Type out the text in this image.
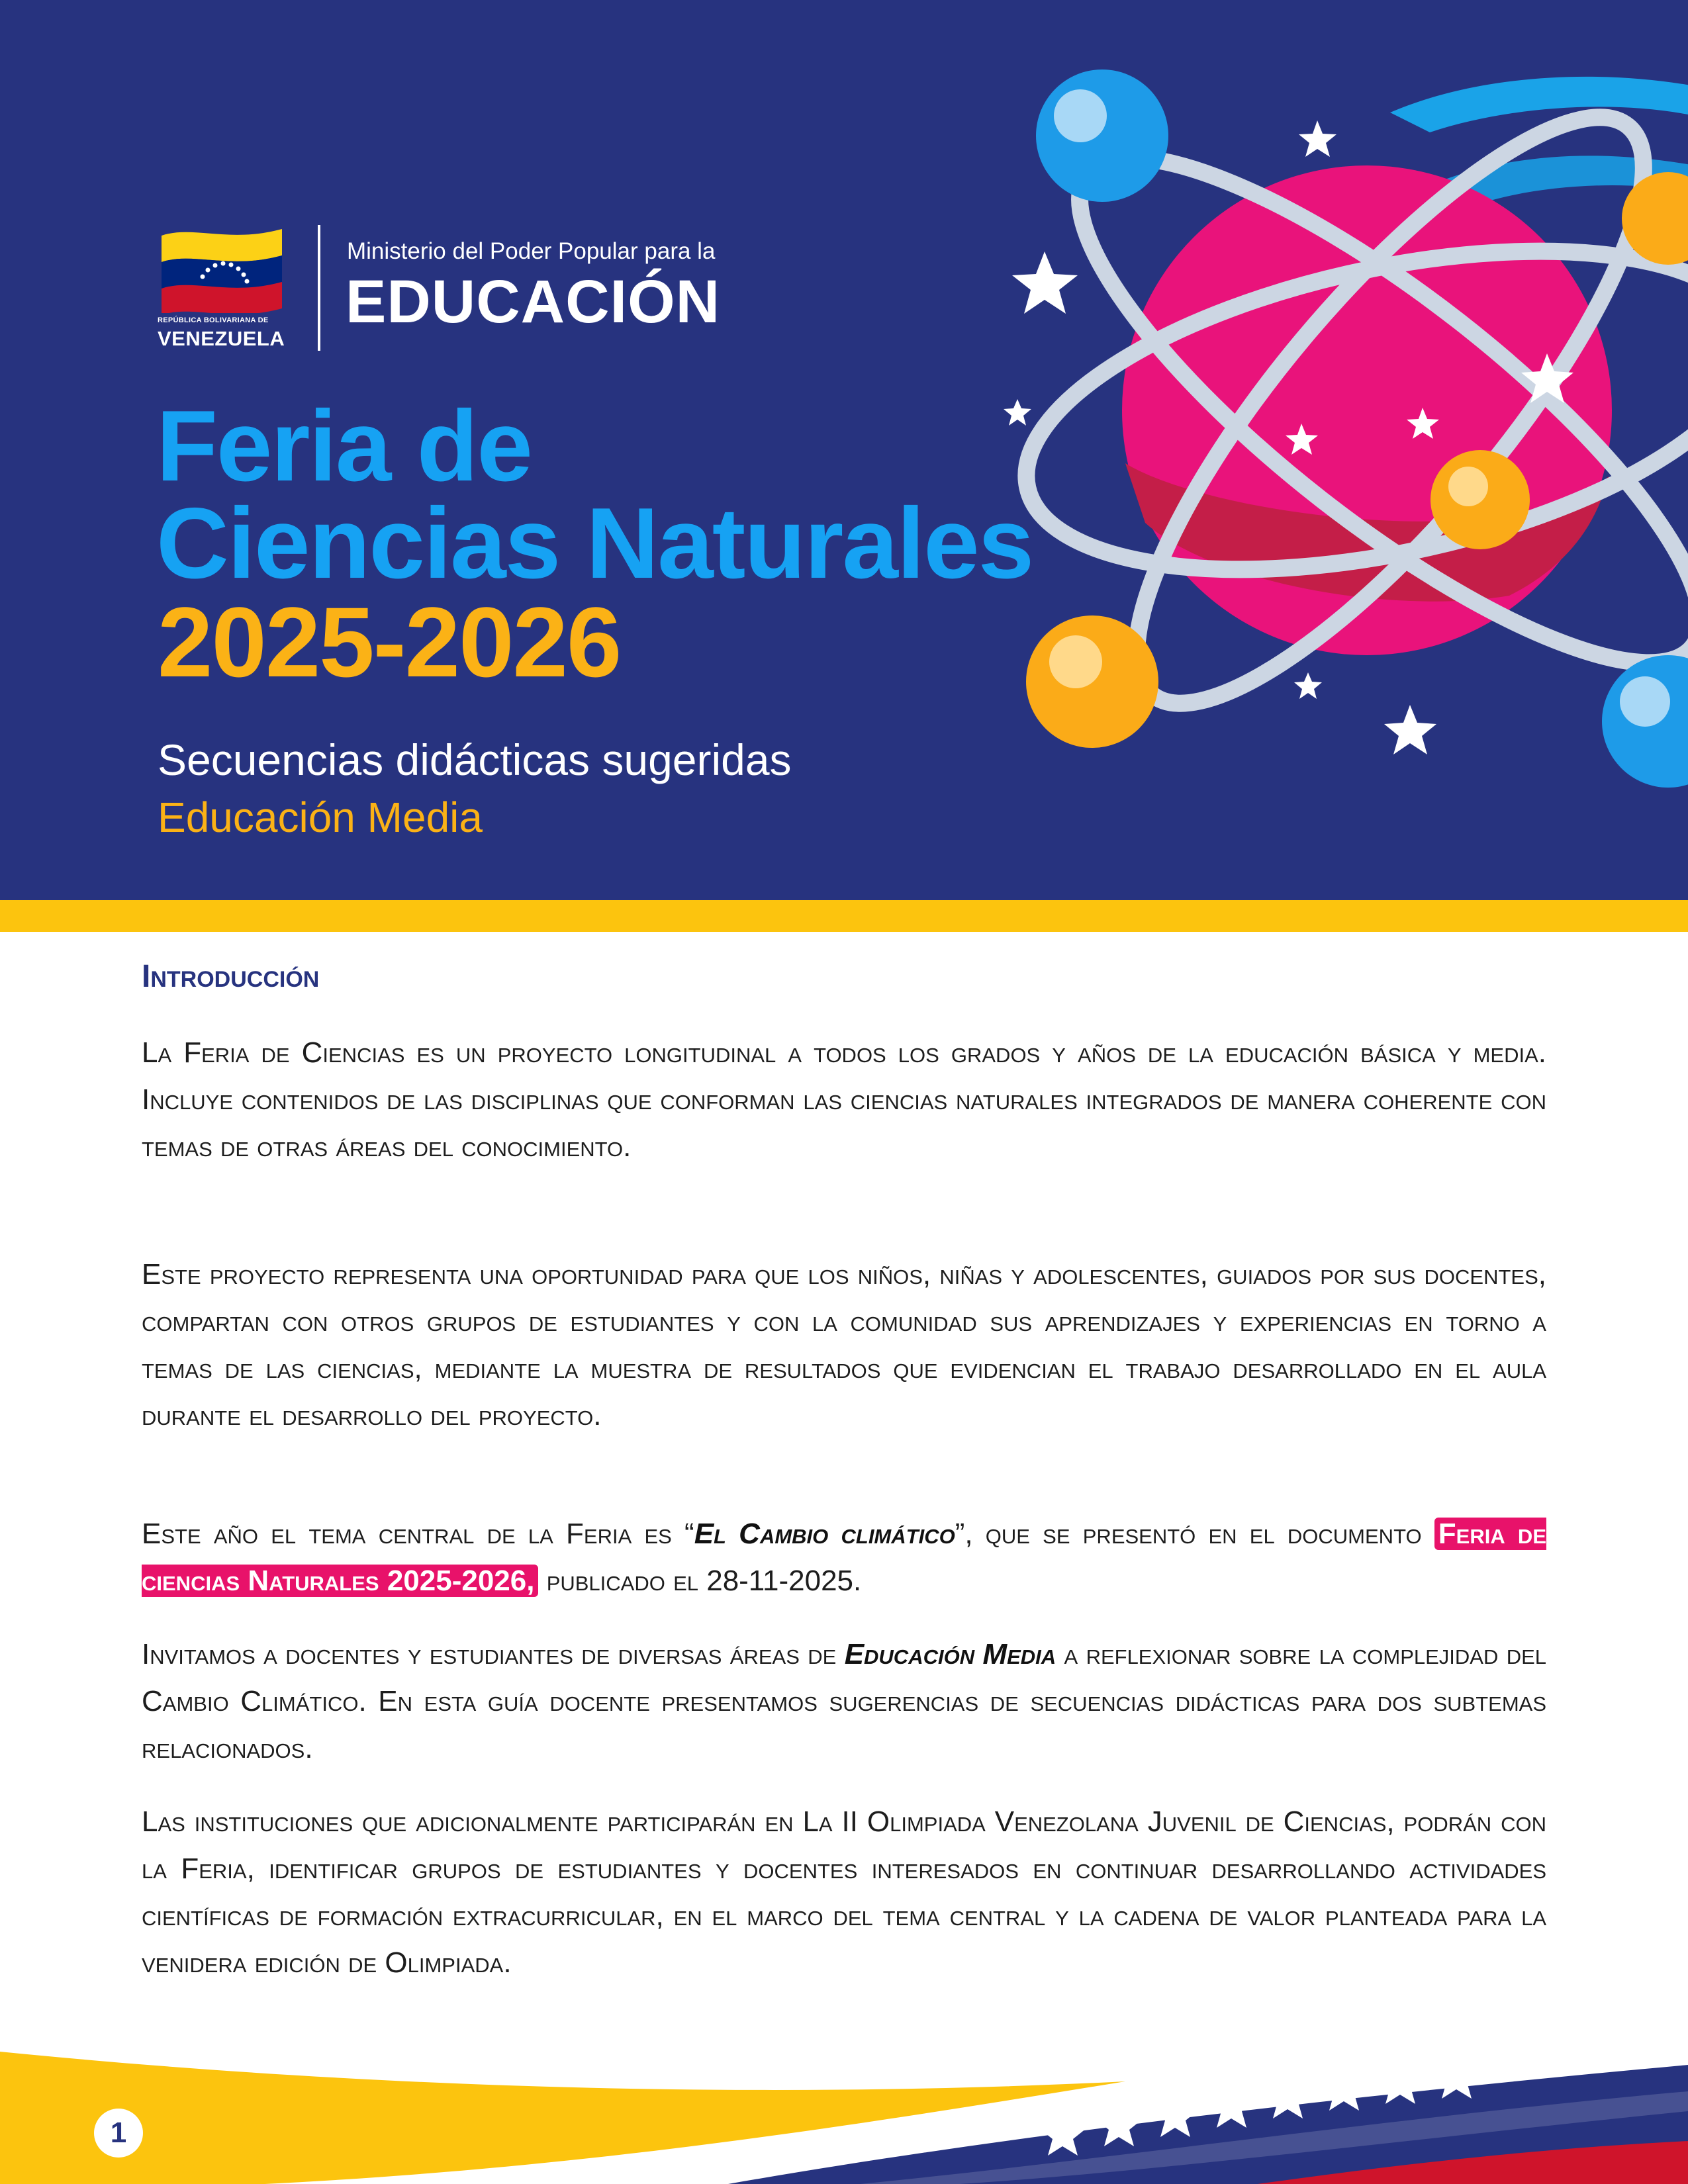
REPÚBLICA BOLIVARIANA DE
VENEZUELA
Ministerio del Poder Popular para la
EDUCACIÓN
Feria de
Ciencias Naturales
2025-2026
Secuencias didácticas sugeridas
Educación Media
Introducción

La Feria de Ciencias es un proyecto longitudinal a todos los grados y años de la educación básica y media. Incluye contenidos de las disciplinas que conforman las ciencias naturales integrados de manera coherente con temas de otras áreas del conocimiento.

Este proyecto representa una oportunidad para que los niños, niñas y adolescentes, guiados por sus docentes, compartan con otros grupos de estudiantes y con la comunidad sus aprendizajes y experiencias en torno a temas de las ciencias, mediante la muestra de resultados que evidencian el trabajo desarrollado en el aula durante el desarrollo del proyecto.

Este año el tema central de la Feria es “El Cambio climático”, que se presentó en el documento Feria de ciencias Naturales 2025-2026, publicado el 28-11-2025.

Invitamos a docentes y estudiantes de diversas áreas de Educación Media a reflexionar sobre la complejidad del Cambio Climático. En esta guía docente presentamos sugerencias de secuencias didácticas para dos subtemas relacionados.

Las instituciones que adicionalmente participarán en La II Olimpiada Venezolana Juvenil de Ciencias, podrán con la Feria, identificar grupos de estudiantes y docentes interesados en continuar desarrollando actividades científicas de formación extracurricular, en el marco del tema central y la cadena de valor planteada para la venidera edición de Olimpiada.

1
